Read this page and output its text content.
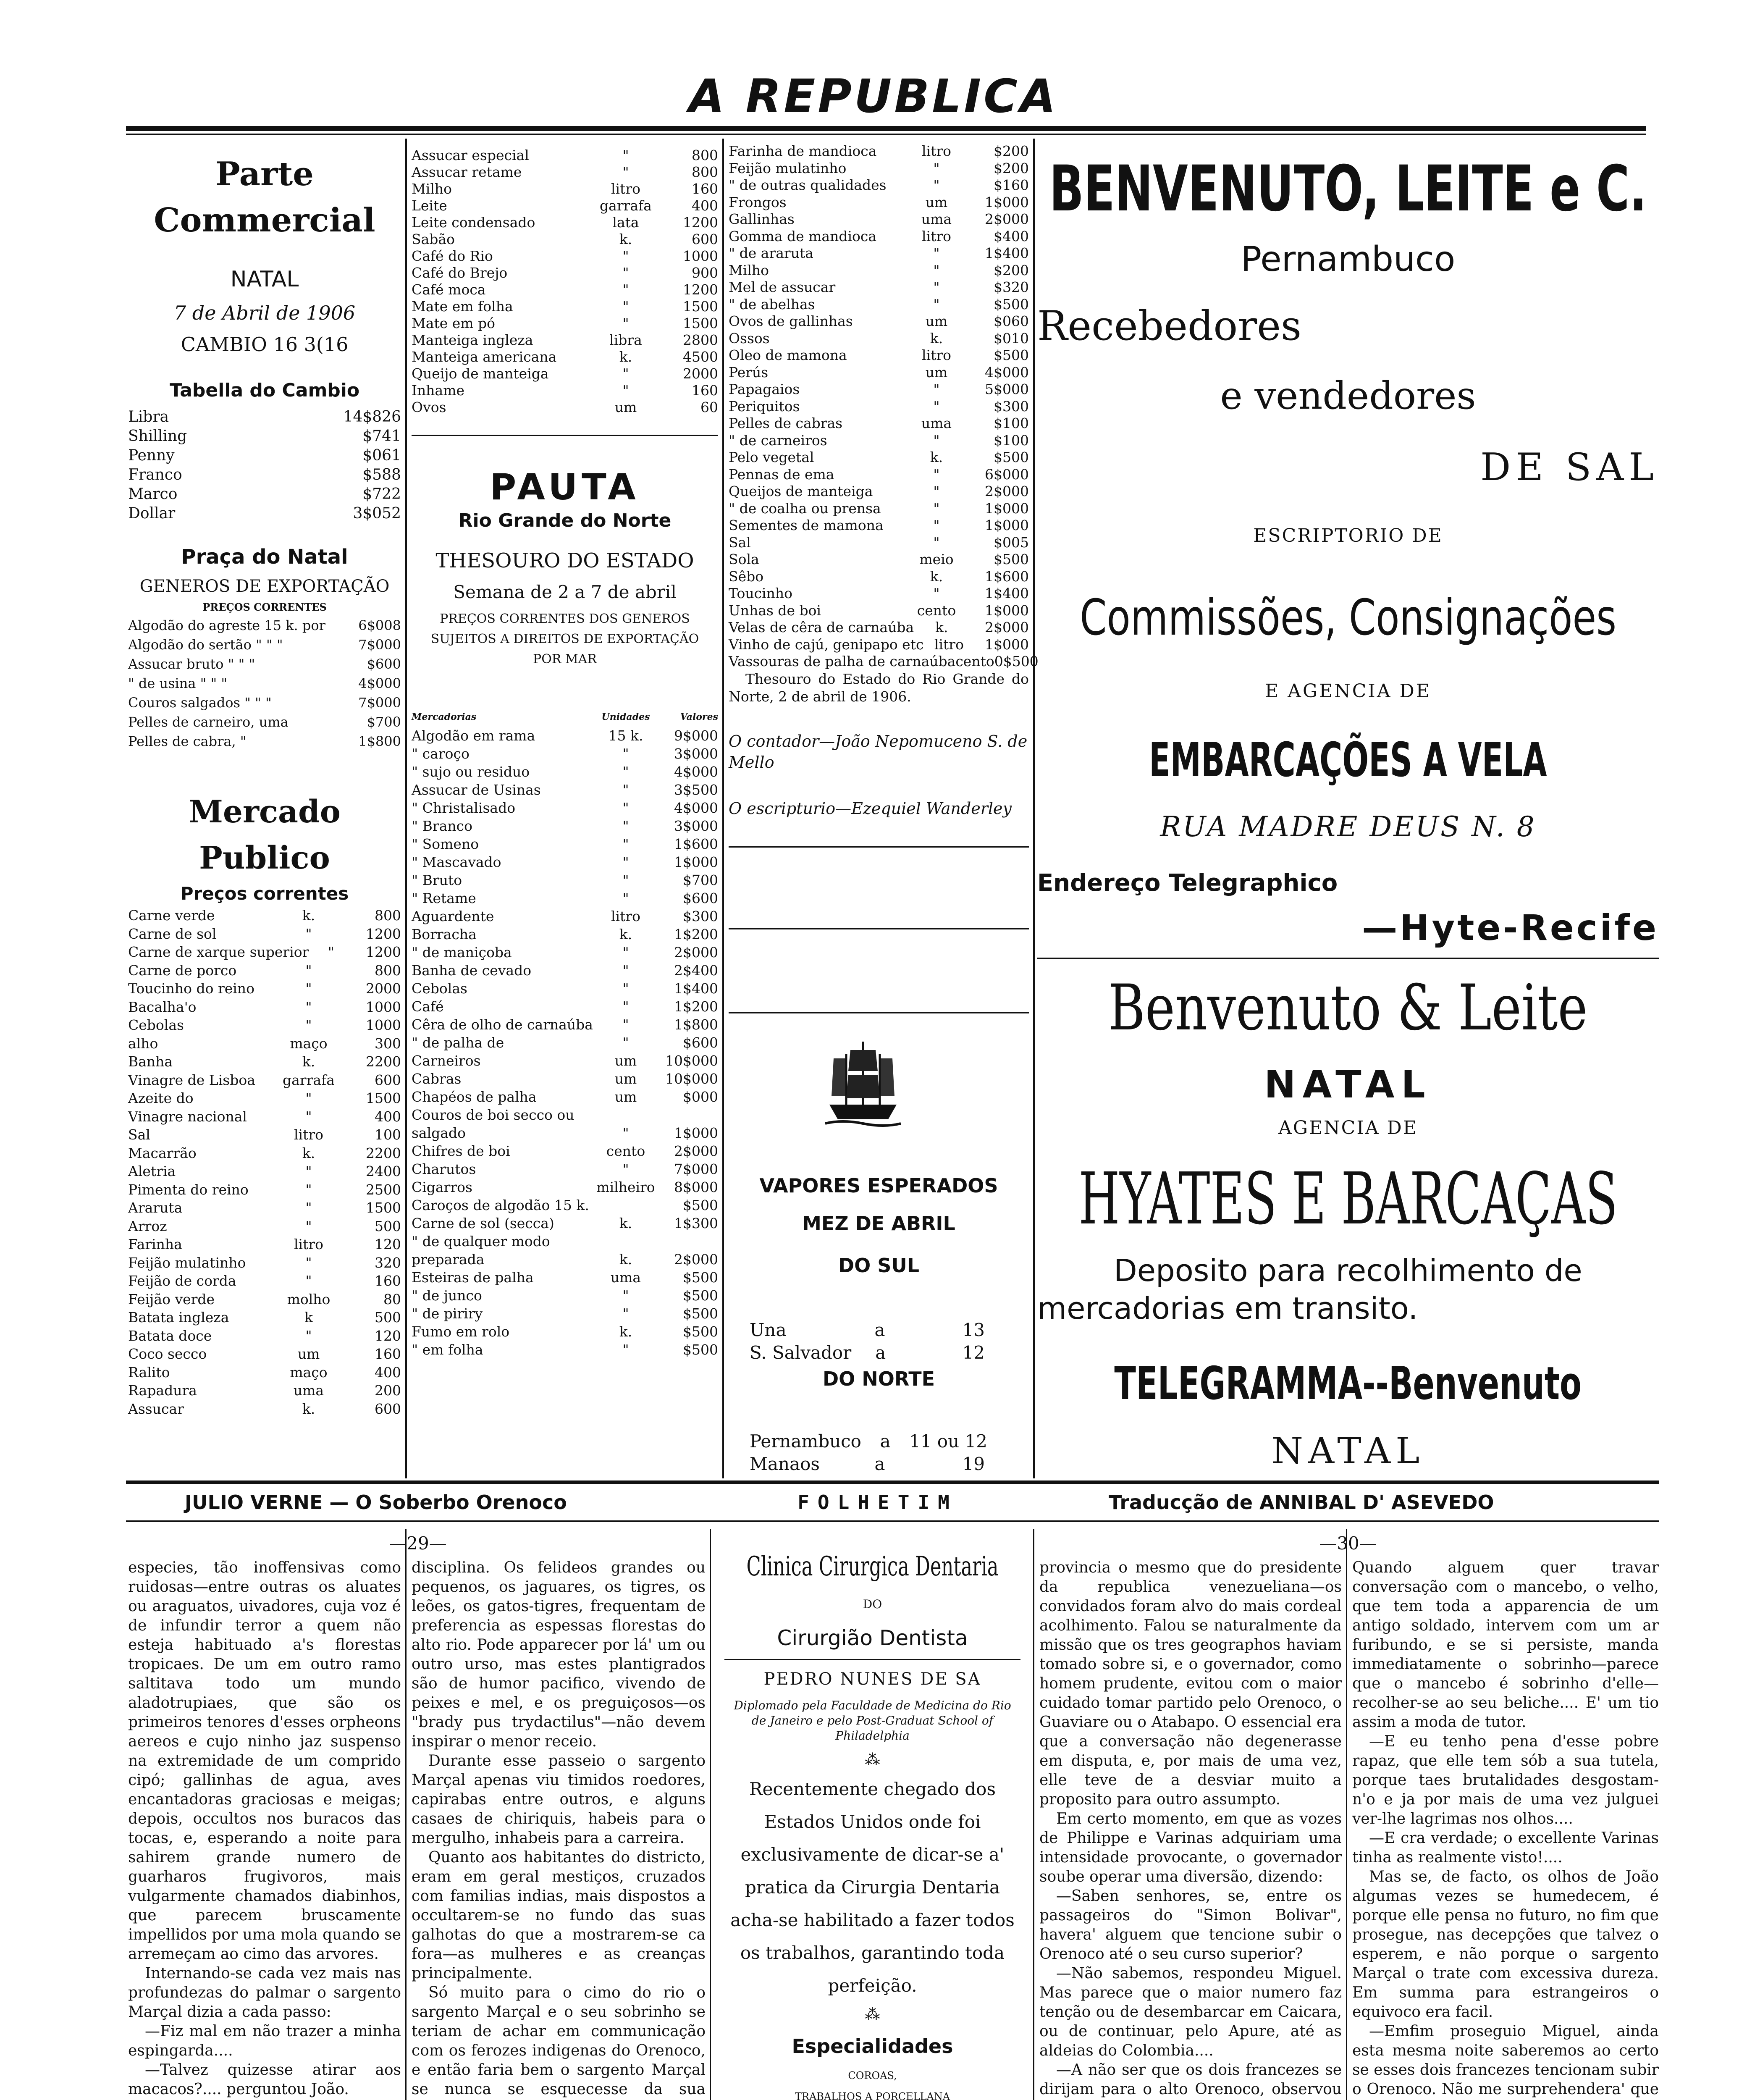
A REPUBLICA
Parte Commercial
NATAL
7 de Abril de 1906
CAMBIO 16 3(16
Tabella do Cambio
Libra	14$826
Shilling	$741
Penny	$061
Franco	$588
Marco	$722
Dollar	3$052
Praça do Natal
GENEROS DE EXPORTAÇÃO
PREÇOS CORRENTES
Algodão do agreste 15 k. por	6$008
Algodão do sertão " " "	7$000
Assucar bruto " " "	$600
" de usina " " "	4$000
Couros salgados " " "	7$000
Pelles de carneiro, uma	$700
Pelles de cabra, "	1$800
Mercado Publico
Preços correntes
Carne verde	k.	800
Carne de sol	"	1200
Carne de xarque superior	"	1200
Carne de porco	"	800
Toucinho do reino	"	2000
Bacalha'o	"	1000
Cebolas	"	1000
alho	maço	300
Banha	k.	2200
Vinagre de Lisboa	garrafa	600
Azeite do	"	1500
Vinagre nacional	"	400
Sal	litro	100
Macarrão	k.	2200
Aletria	"	2400
Pimenta do reino	"	2500
Araruta	"	1500
Arroz	"	500
Farinha	litro	120
Feijão mulatinho	"	320
Feijão de corda	"	160
Feijão verde	molho	80
Batata ingleza	k	500
Batata doce	"	120
Coco secco	um	160
Ralito	maço	400
Rapadura	uma	200
Assucar	k.	600
Assucar especial	"	800
Assucar retame	"	800
Milho	litro	160
Leite	garrafa	400
Leite condensado	lata	1200
Sabão	k.	600
Café do Rio	"	1000
Café do Brejo	"	900
Café moca	"	1200
Mate em folha	"	1500
Mate em pó	"	1500
Manteiga ingleza	libra	2800
Manteiga americana	k.	4500
Queijo de manteiga	"	2000
Inhame	"	160
Ovos	um	60
PAUTA
Rio Grande do Norte
THESOURO DO ESTADO
Semana de 2 a 7 de abril
PREÇOS CORRENTES DOS GENEROS SUJEITOS A DIREITOS DE EXPORTAÇÃO POR MAR
Mercadorias	Unidades	Valores
Algodão em rama	15 k.	9$000
" caroço	"	3$000
" sujo ou residuo	"	4$000
Assucar de Usinas	"	3$500
" Christalisado	"	4$000
" Branco	"	3$000
" Someno	"	1$600
" Mascavado	"	1$000
" Bruto	"	$700
" Retame	"	$600
Aguardente	litro	$300
Borracha	k.	1$200
" de maniçoba	"	2$000
Banha de cevado	"	2$400
Cebolas	"	1$400
Café	"	1$200
Cêra de olho de carnaúba	"	1$800
" de palha de	"	$600
Carneiros	um	10$000
Cabras	um	10$000
Chapéos de palha	um	$000
Couros de boi secco ou
salgado	"	1$000
Chifres de boi	cento	2$000
Charutos	"	7$000
Cigarros	milheiro	8$000
Caroços de algodão 15 k.	$500
Carne de sol (secca)	k.	1$300
" de qualquer modo
preparada	k.	2$000
Esteiras de palha	uma	$500
" de junco	"	$500
" de piriry	"	$500
Fumo em rolo	k.	$500
" em folha	"	$500
Farinha de mandioca	litro	$200
Feijão mulatinho	"	$200
" de outras qualidades	"	$160
Frongos	um	1$000
Gallinhas	uma	2$000
Gomma de mandioca	litro	$400
" de araruta	"	1$400
Milho	"	$200
Mel de assucar	"	$320
" de abelhas	"	$500
Ovos de gallinhas	um	$060
Ossos	k.	$010
Oleo de mamona	litro	$500
Perús	um	4$000
Papagaios	"	5$000
Periquitos	"	$300
Pelles de cabras	uma	$100
" de carneiros	"	$100
Pelo vegetal	k.	$500
Pennas de ema	"	6$000
Queijos de manteiga	"	2$000
" de coalha ou prensa	"	1$000
Sementes de mamona	"	1$000
Sal	"	$005
Sola	meio	$500
Sêbo	k.	1$600
Toucinho	"	1$400
Unhas de boi	cento	1$000
Velas de cêra de carnaúba	k.	2$000
Vinho de cajú, genipapo etc litro	1$000
Vassouras de palha de carnaúba cento 0$500
Thesouro do Estado do Rio Grande do Norte, 2 de abril de 1906.
O contador—João Nepomuceno S. de Mello
O escripturio—Ezequiel Wanderley
VAPORES ESPERADOS
MEZ DE ABRIL
DO SUL
Una	a	13
S. Salvador	a	12
DO NORTE
Pernambuco	a	11 ou 12
Manaos	a	19
BENVENUTO, LEITE e C.
Pernambuco
Recebedores
e vendedores
DE SAL
ESCRIPTORIO DE
Commissões, Consignações
E AGENCIA DE
EMBARCAÇÕES A VELA
RUA MADRE DEUS N. 8
Endereço Telegraphico
—Hyte-Recife
Benvenuto & Leite
NATAL
AGENCIA DE
HYATES E BARCAÇAS
Deposito para recolhimento de
mercadorias em transito.
TELEGRAMMA--Benvenuto
NATAL
JULIO VERNE — O Soberbo Orenoco	FOLHETIM	Traducção de ANNIBAL D' ASEVEDO
—29—	—30—

especies, tão inoffensivas como ruidosas—entre outras os aluates ou araguatos, uivadores, cuja voz é de infundir terror a quem não esteja habituado a's florestas tropicaes. De um em outro ramo saltitava todo um mundo aladotrupiaes, que são os primeiros tenores d'esses orpheons aereos e cujo ninho jaz suspenso na extremidade de um comprido cipó; gallinhas de agua, aves encantadoras graciosas e meigas; depois, occultos nos buracos das tocas, e, esperando a noite para sahirem grande numero de guarharos frugivoros, mais vulgarmente chamados diabinhos, que parecem bruscamente impellidos por uma mola quando se arremeçam ao cimo das arvores.

Internando-se cada vez mais nas profundezas do palmar o sargento Marçal dizia a cada passo:

—Fiz mal em não trazer a minha espingarda....

—Talvez quizesse atirar aos macacos?.... perguntou João.

disciplina. Os felideos grandes ou pequenos, os jaguares, os tigres, os leões, os gatos-tigres, frequentam de preferencia as espessas florestas do alto rio. Pode apparecer por lá' um ou outro urso, mas estes plantigrados são de humor pacifico, vivendo de peixes e mel, e os preguiçosos—os "brady pus trydactilus"—não devem inspirar o menor receio.

Durante esse passeio o sargento Marçal apenas viu timidos roedores, capirabas entre outros, e alguns casaes de chiriquis, habeis para o mergulho, inhabeis para a carreira.

Quanto aos habitantes do districto, eram em geral mestiços, cruzados com familias indias, mais dispostos a occultarem-se no fundo das suas galhotas do que a mostrarem-se ca fora—as mulheres e as creanças principalmente.

Só muito para o cimo do rio o sargento Marçal e o seu sobrinho se teriam de achar em communicação com os ferozes indigenas do Orenoco, e então faria bem o sargento Marçal se nunca se esquecesse da sua

provincia o mesmo que do presidente da republica venezueliana—os convidados foram alvo do mais cordeal acolhimento. Falou se naturalmente da missão que os tres geographos haviam tomado sobre si, e o governador, como homem prudente, evitou com o maior cuidado tomar partido pelo Orenoco, o Guaviare ou o Atabapo. O essencial era que a conversação não degenerasse em disputa, e, por mais de uma vez, elle teve de a desviar muito a proposito para outro assumpto.

Em certo momento, em que as vozes de Philippe e Varinas adquiriam uma intensidade provocante, o governador soube operar uma diversão, dizendo:

—Saben senhores, se, entre os passageiros do "Simon Bolivar", havera' alguem que tencione subir o Orenoco até o seu curso superior?

—Não sabemos, respondeu Miguel. Mas parece que o maior numero faz tenção ou de desembarcar em Caicara, ou de continuar, pelo Apure, até as aldeias do Colombia....

—A não ser que os dois francezes se dirijam para o alto Orenoco, observou

Quando alguem quer travar conversação com o mancebo, o velho, que tem toda a apparencia de um antigo soldado, intervem com um ar furibundo, e se si persiste, manda immediatamente o sobrinho—parece que o mancebo é sobrinho d'elle—recolher-se ao seu beliche.... E' um tio assim a moda de tutor.

—E eu tenho pena d'esse pobre rapaz, que elle tem sób a sua tutela, porque taes brutalidades desgostam-n'o e ja por mais de uma vez julguei ver-lhe lagrimas nos olhos....

—E cra verdade; o excellente Varinas tinha as realmente visto!....

Mas se, de facto, os olhos de João algumas vezes se humedecem, é porque elle pensa no futuro, no fim que prosegue, nas decepções que talvez o esperem, e não porque o sargento Marçal o trate com excessiva dureza. Em summa para estrangeiros o equivoco era facil.

—Emfim proseguio Miguel, ainda esta mesma noite saberemos ao certo se esses dois francezes tencionam subir o Orenoco. Não me surprehendera' que

Clinica Cirurgica Dentaria
DO
Cirurgião Dentista
PEDRO NUNES DE SA
Diplomado pela Faculdade de Medicina do Rio de Janeiro e pelo Post-Graduat School of Philadelphia
⁂
Recentemente chegado dos Estados Unidos onde foi exclusivamente de dicar-se a' pratica da Cirurgia Dentaria acha-se habilitado a fazer todos os trabalhos, garantindo toda perfeição.
⁂
Especialidades
COROAS,
TRABALHOS A PORCELLANA
